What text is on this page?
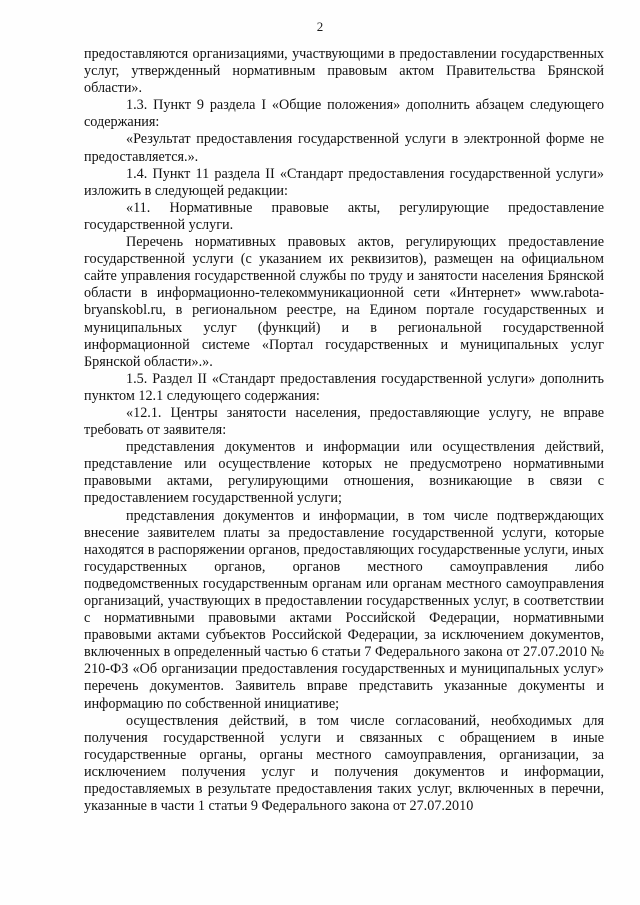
2

предоставляются организациями, участвующими в предоставлении государственных услуг, утвержденный нормативным правовым актом Правительства Брянской области».

1.3. Пункт 9 раздела I «Общие положения» дополнить абзацем следующего содержания:

«Результат предоставления государственной услуги в электронной форме не предоставляется.».

1.4. Пункт 11 раздела II «Стандарт предоставления государственной услуги» изложить в следующей редакции:

«11. Нормативные правовые акты, регулирующие предоставление государственной услуги.

Перечень нормативных правовых актов, регулирующих предоставление государственной услуги (с указанием их реквизитов), размещен на официальном сайте управления государственной службы по труду и занятости населения Брянской области в информационно-телекоммуникационной сети «Интернет» www.rabota-bryanskobl.ru, в региональном реестре, на Едином портале государственных и муниципальных услуг (функций) и в региональной государственной информационной системе «Портал государственных и муниципальных услуг Брянской области».».

1.5. Раздел II «Стандарт предоставления государственной услуги» дополнить пунктом 12.1 следующего содержания:

«12.1. Центры занятости населения, предоставляющие услугу, не вправе требовать от заявителя:

представления документов и информации или осуществления действий, представление или осуществление которых не предусмотрено нормативными правовыми актами, регулирующими отношения, возникающие в связи с предоставлением государственной услуги;

представления документов и информации, в том числе подтверждающих внесение заявителем платы за предоставление государственной услуги, которые находятся в распоряжении органов, предоставляющих государственные услуги, иных государственных органов, органов местного самоуправления либо подведомственных государственным органам или органам местного самоуправления организаций, участвующих в предоставлении государственных услуг, в соответствии с нормативными правовыми актами Российской Федерации, нормативными правовыми актами субъектов Российской Федерации, за исключением документов, включенных в определенный частью 6 статьи 7 Федерального закона от 27.07.2010 № 210-ФЗ «Об организации предоставления государственных и муниципальных услуг» перечень документов. Заявитель вправе представить указанные документы и информацию по собственной инициативе;

осуществления действий, в том числе согласований, необходимых для получения государственной услуги и связанных с обращением в иные государственные органы, органы местного самоуправления, организации, за исключением получения услуг и получения документов и информации, предоставляемых в результате предоставления таких услуг, включенных в перечни, указанные в части 1 статьи 9 Федерального закона от 27.07.2010
